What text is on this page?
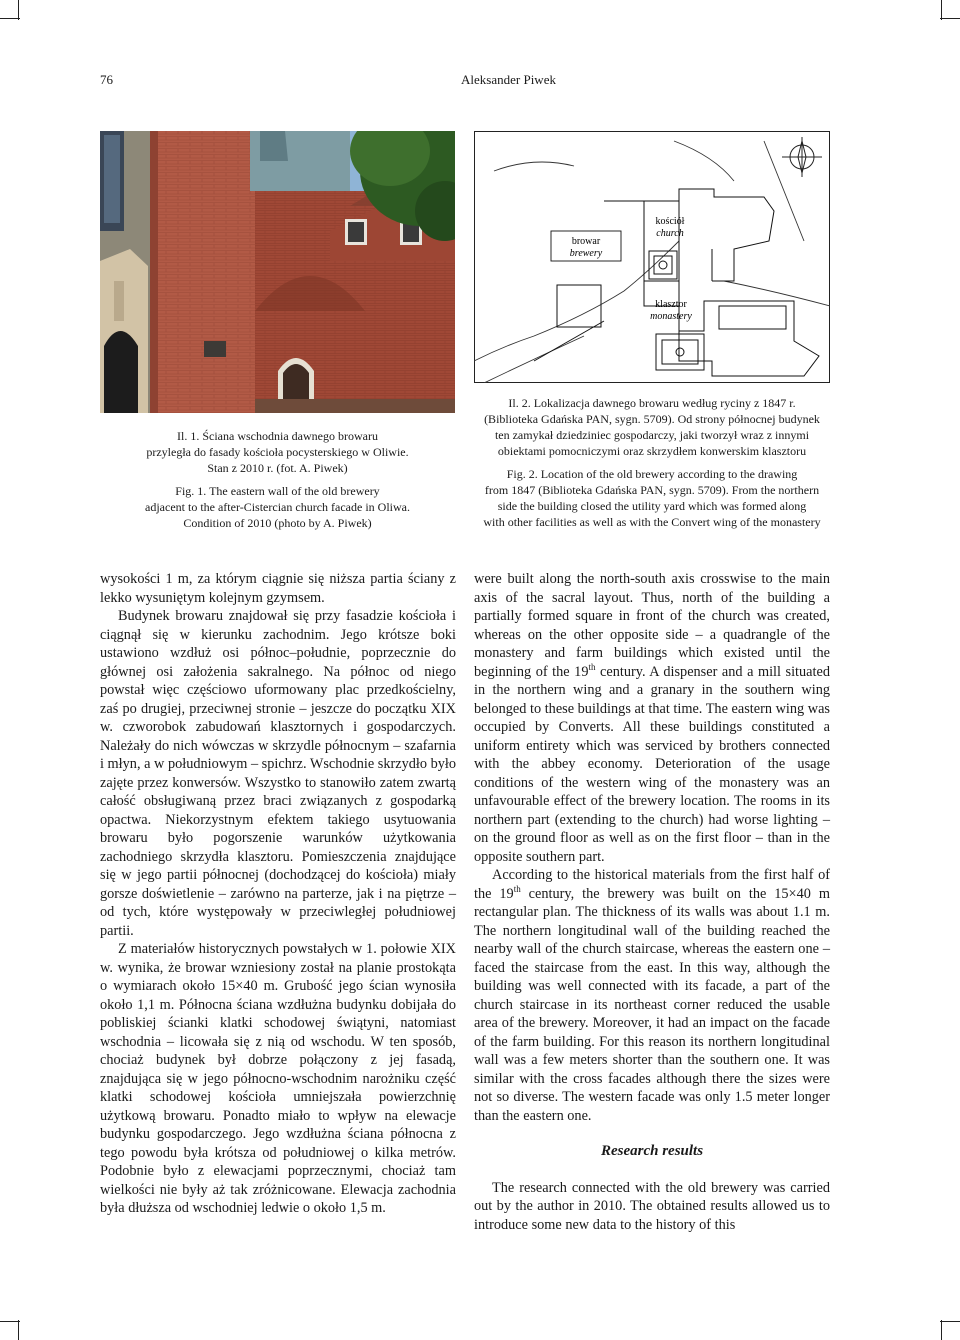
76	Aleksander Piwek
browar
brewery
kościół
church
klasztor
monastery

Il. 1. Ściana wschodnia dawnego browaru

przyległa do fasady kościoła pocysterskiego w Oliwie.

Stan z 2010 r. (fot. A. Piwek)

Fig. 1. The eastern wall of the old brewery

adjacent to the after-Cistercian church facade in Oliwa.

Condition of 2010 (photo by A. Piwek)

Il. 2. Lokalizacja dawnego browaru według ryciny z 1847 r.

(Biblioteka Gdańska PAN, sygn. 5709). Od strony północnej budynek

ten zamykał dziedziniec gospodarczy, jaki tworzył wraz z innymi

obiektami pomocniczymi oraz skrzydłem konwerskim klasztoru

Fig. 2. Location of the old brewery according to the drawing

from 1847 (Biblioteka Gdańska PAN, sygn. 5709). From the northern

side the building closed the utility yard which was formed along

with other facilities as well as with the Convert wing of the monastery

wysokości 1 m, za którym ciągnie się niższa partia ściany z lekko wysuniętym kolejnym gzymsem.

Budynek browaru znajdował się przy fasadzie kościoła i ciągnął się w kierunku zachodnim. Jego krótsze boki ustawiono wzdłuż osi północ–południe, poprzecznie do głównej osi założenia sakralnego. Na północ od niego powstał więc częściowo uformowany plac przedkościelny, zaś po drugiej, przeciwnej stronie – jeszcze do początku XIX w. czworobok zabudowań klasztornych i gospodarczych. Należały do nich wówczas w skrzydle północnym – szafarnia i młyn, a w południowym – spichrz. Wschodnie skrzydło było zajęte przez konwersów. Wszystko to stanowiło zatem zwartą całość obsługiwaną przez braci związanych z gospodarką opactwa. Niekorzystnym efektem takiego usytuowania browaru było pogorszenie warunków użytkowania zachodniego skrzydła klasztoru. Pomieszczenia znajdujące się w jego partii północnej (dochodzącej do kościoła) miały gorsze doświetlenie – zarówno na parterze, jak i na piętrze – od tych, które występowały w przeciwległej południowej partii.

Z materiałów historycznych powstałych w 1. połowie XIX w. wynika, że browar wzniesiony został na planie prostokąta o wymiarach około 15×40 m. Grubość jego ścian wynosiła około 1,1 m. Północna ściana wzdłużna budynku dobijała do pobliskiej ścianki klatki schodowej świątyni, natomiast wschodnia – licowała się z nią od wschodu. W ten sposób, chociaż budynek był dobrze połączony z jej fasadą, znajdująca się w jego północno-wschodnim narożniku część klatki schodowej kościoła umniejszała powierzchnię użytkową browaru. Ponadto miało to wpływ na elewacje budynku gospodarczego. Jego wzdłużna ściana północna z tego powodu była krótsza od południowej o kilka metrów. Podobnie było z elewacjami poprzecznymi, chociaż tam wielkości nie były aż tak zróżnicowane. Elewacja zachodnia była dłuższa od wschodniej ledwie o około 1,5 m.

were built along the north-south axis crosswise to the main axis of the sacral layout. Thus, north of the building a partially formed square in front of the church was created, whereas on the other opposite side – a quadrangle of the monastery and farm buildings which existed until the beginning of the 19th century. A dispenser and a mill situated in the northern wing and a granary in the southern wing belonged to these buildings at that time. The eastern wing was occupied by Converts. All these buildings constituted a uniform entirety which was serviced by brothers connected with the abbey economy. Deterioration of the usage conditions of the western wing of the monastery was an unfavourable effect of the brewery location. The rooms in its northern part (extending to the church) had worse lighting – on the ground floor as well as on the first floor – than in the opposite southern part.

According to the historical materials from the first half of the 19th century, the brewery was built on the 15×40 m rectangular plan. The thickness of its walls was about 1.1 m. The northern longitudinal wall of the building reached the nearby wall of the church staircase, whereas the eastern one – faced the staircase from the east. In this way, although the building was well connected with its facade, a part of the church staircase in its northeast corner reduced the usable area of the brewery. Moreover, it had an impact on the facade of the farm building. For this reason its northern longitudinal wall was a few meters shorter than the southern one. It was similar with the cross facades although there the sizes were not so diverse. The western facade was only 1.5 meter longer than the eastern one.

Research results

The research connected with the old brewery was carried out by the author in 2010. The obtained results allowed us to introduce some new data to the history of this
